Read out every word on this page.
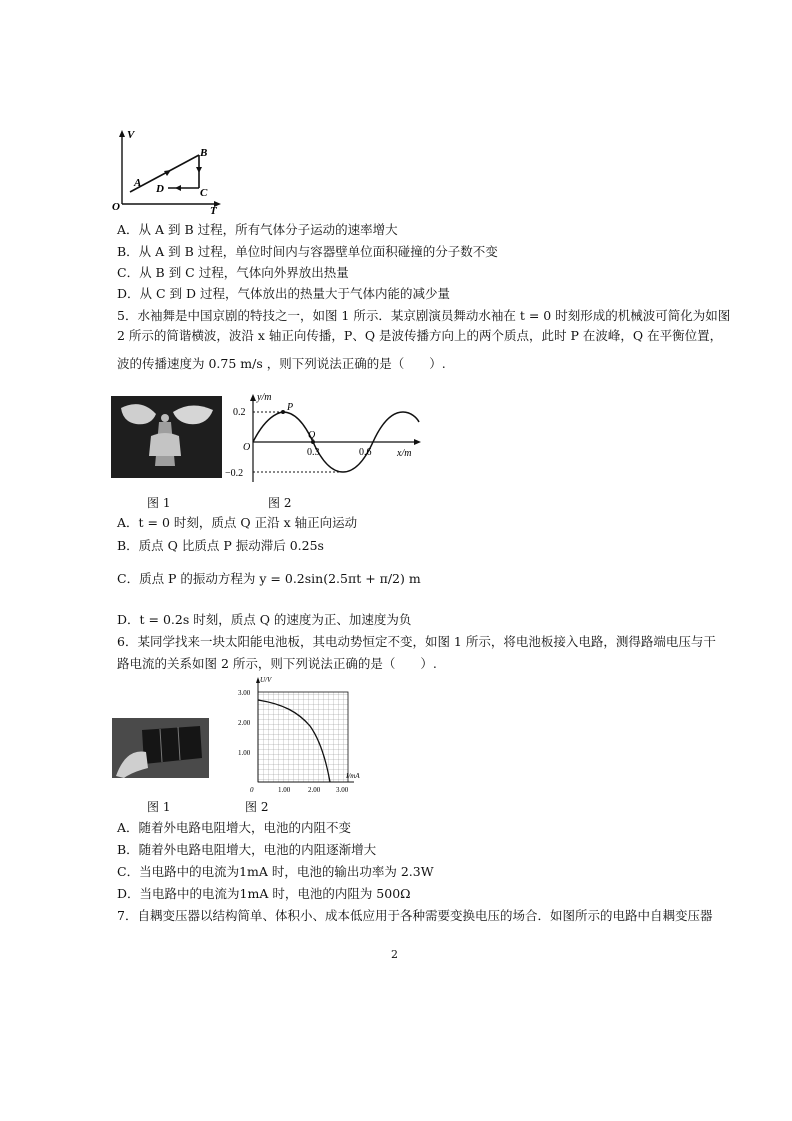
V
T
O
A
B
C
D
A．从 A 到 B 过程，所有气体分子运动的速率增大
B．从 A 到 B 过程，单位时间内与容器壁单位面积碰撞的分子数不变
C．从 B 到 C 过程，气体向外界放出热量
D．从 C 到 D 过程，气体放出的热量大于气体内能的减少量
5．水袖舞是中国京剧的特技之一，如图 1 所示．某京剧演员舞动水袖在 t = 0 时刻形成的机械波可简化为如图
2 所示的简谐横波，波沿 x 轴正向传播，P、Q 是波传播方向上的两个质点，此时 P 在波峰，Q 在平衡位置，
波的传播速度为 0.75 m/s ，则下列说法正确的是（　　）.
图 1
y/m
x/m
O
0.2
−0.2
0.3	0.6
P
Q
图 2
A．t = 0 时刻，质点 Q 正沿 x 轴正向运动
B．质点 Q 比质点 P 振动滞后 0.25s
C．质点 P 的振动方程为 y = 0.2sin(2.5πt + π/2) m
D．t = 0.2s 时刻，质点 Q 的速度为正、加速度为负
6．某同学找来一块太阳能电池板，其电动势恒定不变，如图 1 所示，将电池板接入电路，测得路端电压与干
路电流的关系如图 2 所示，则下列说法正确的是（　　）.
图 1
U/V
I/mA
0
3.00
2.00
1.00
1.00	2.00 3.00
图 2
A．随着外电路电阻增大，电池的内阻不变
B．随着外电路电阻增大，电池的内阻逐渐增大
C．当电路中的电流为1mA 时，电池的输出功率为 2.3W
D．当电路中的电流为1mA 时，电池的内阻为 500Ω
7．自耦变压器以结构简单、体积小、成本低应用于各种需要变换电压的场合．如图所示的电路中自耦变压器
2
